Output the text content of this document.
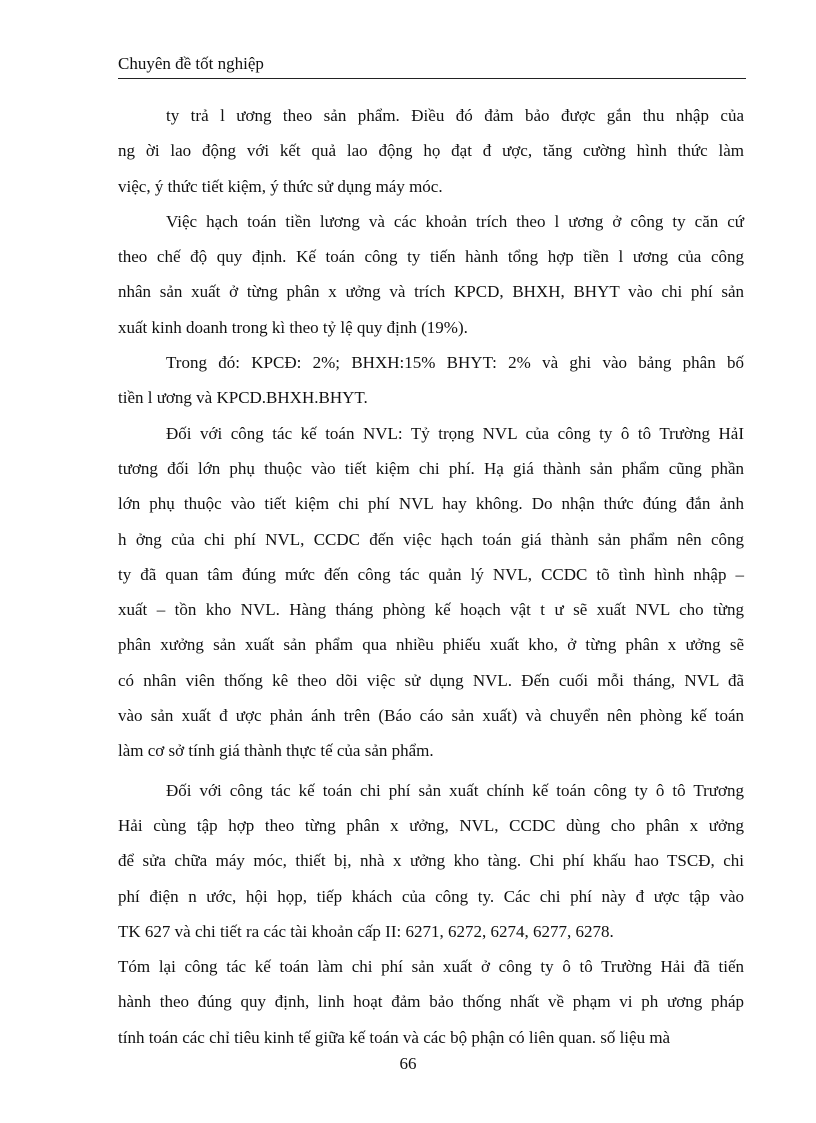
Chuyên đề tốt nghiệp
ty trả l ương theo sản phẩm. Điều đó đảm bảo được gắn thu nhập của
ng ời lao động với kết quả lao động họ đạt đ ược, tăng cường hình thức làm
việc, ý thức tiết kiệm, ý thức sử dụng máy móc.
Việc hạch toán tiền lương và các khoản trích theo l ương ở công ty căn cứ
theo chế độ quy định. Kế toán công ty tiến hành tổng hợp tiền l ương của công
nhân sản xuất ở từng phân x ưởng và trích KPCD, BHXH, BHYT vào chi phí sản
xuất kinh doanh trong kì theo tỷ lệ quy định (19%).
Trong đó: KPCĐ: 2%; BHXH:15% BHYT: 2% và ghi vào bảng phân bố
tiền l ương và KPCD.BHXH.BHYT.
Đối với công tác kế toán NVL: Tỷ trọng NVL của công ty ô tô Trường HảI
tương đối lớn phụ thuộc vào tiết kiệm chi phí. Hạ giá thành sản phẩm cũng phần
lớn phụ thuộc vào tiết kiệm chi phí NVL hay không. Do nhận thức đúng đắn ảnh
h ởng của chi phí NVL, CCDC đến việc hạch toán giá thành sản phẩm nên công
ty đã quan tâm đúng mức đến công tác quản lý NVL, CCDC tõ tình hình nhập –
xuất – tồn kho NVL. Hàng tháng phòng kế hoạch vật t ư sẽ xuất NVL cho từng
phân xưởng sản xuất sản phẩm qua nhiều phiếu xuất kho, ở từng phân x ưởng sẽ
có nhân viên thống kê theo dõi việc sử dụng NVL. Đến cuối mỗi tháng, NVL đã
vào sản xuất đ ược phản ánh trên (Báo cáo sản xuất) và chuyển nên phòng kế toán
làm cơ sở tính giá thành thực tế của sản phẩm.
Đối với công tác kế toán chi phí sản xuất chính kế toán công ty ô tô Trương
Hải cùng tập hợp theo từng phân x ưởng, NVL, CCDC dùng cho phân x ưởng
để sửa chữa máy móc, thiết bị, nhà x ưởng kho tàng. Chi phí khấu hao TSCĐ, chi
phí điện n ước, hội họp, tiếp khách của công ty. Các chi phí này đ ược tập vào
TK 627 và chi tiết ra các tài khoản cấp II: 6271, 6272, 6274, 6277, 6278.
Tóm lại công tác kế toán làm chi phí sản xuất ở công ty ô tô Trường Hải đã tiến
hành theo đúng quy định, linh hoạt đảm bảo thống nhất về phạm vi ph ương pháp
tính toán các chỉ tiêu kinh tế giữa kế toán và các bộ phận có liên quan. số liệu mà
66
